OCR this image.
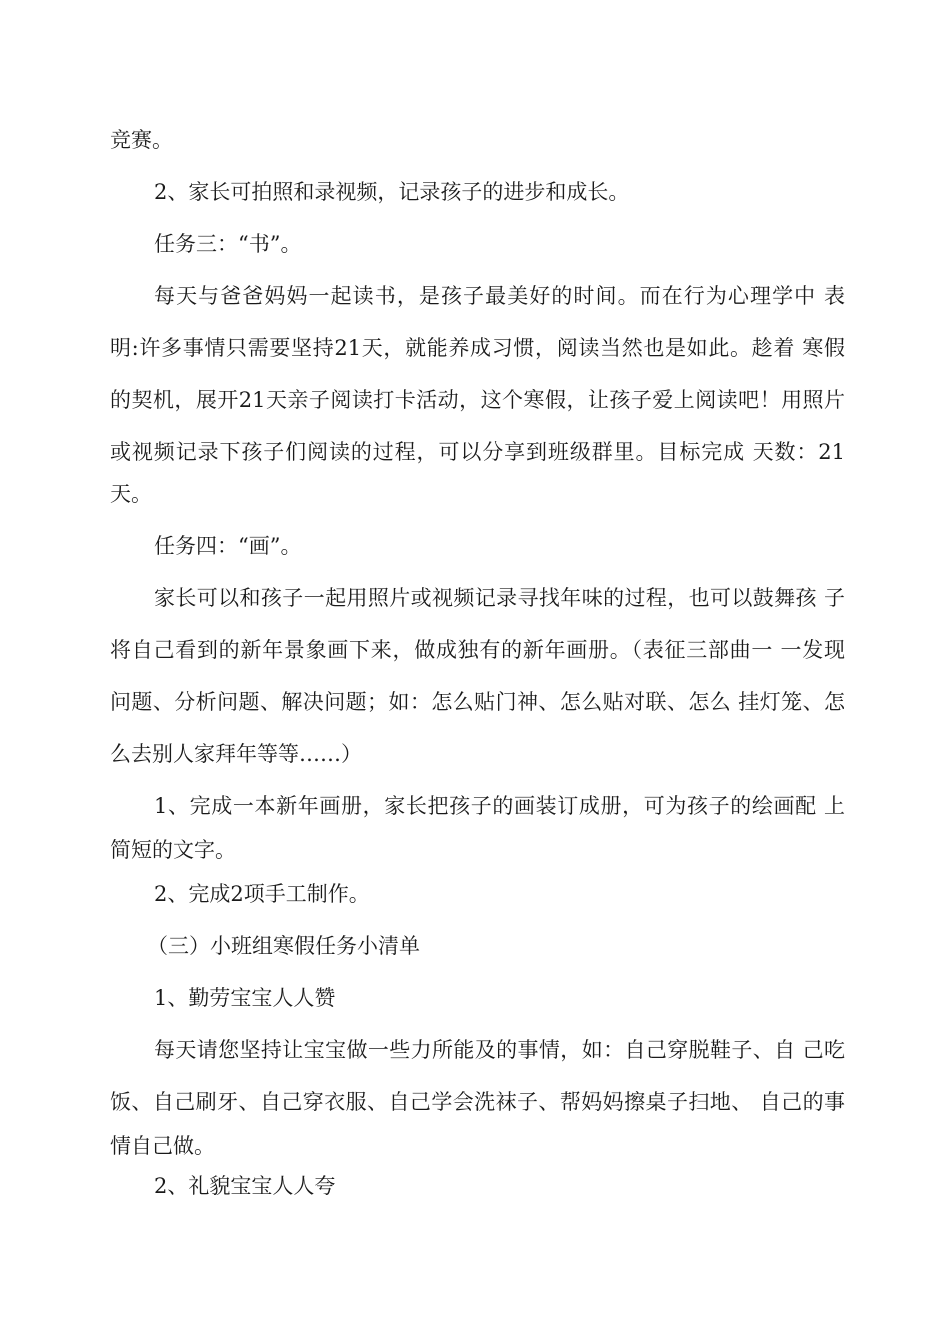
竞赛。
2、家长可拍照和录视频，记录孩子的进步和成长。
任务三：“书”。
每天与爸爸妈妈一起读书，是孩子最美好的时间。而在行为心理学中 表
明:许多事情只需要坚持21天，就能养成习惯，阅读当然也是如此。趁着 寒假
的契机，展开21天亲子阅读打卡活动，这个寒假，让孩子爱上阅读吧！用照片
或视频记录下孩子们阅读的过程，可以分享到班级群里。目标完成 天数：21
天。
任务四：“画”。
家长可以和孩子一起用照片或视频记录寻找年味的过程，也可以鼓舞孩 子
将自己看到的新年景象画下来，做成独有的新年画册。（表征三部曲一 一发现
问题、分析问题、解决问题；如：怎么贴门神、怎么贴对联、怎么 挂灯笼、怎
么去别人家拜年等等……）
1、完成一本新年画册，家长把孩子的画装订成册，可为孩子的绘画配 上
简短的文字。
2、完成2项手工制作。
（三）小班组寒假任务小清单
1、勤劳宝宝人人赞
每天请您坚持让宝宝做一些力所能及的事情，如：自己穿脱鞋子、自 己吃
饭、自己刷牙、自己穿衣服、自己学会洗袜子、帮妈妈擦桌子扫地、 自己的事
情自己做。
2、礼貌宝宝人人夸
